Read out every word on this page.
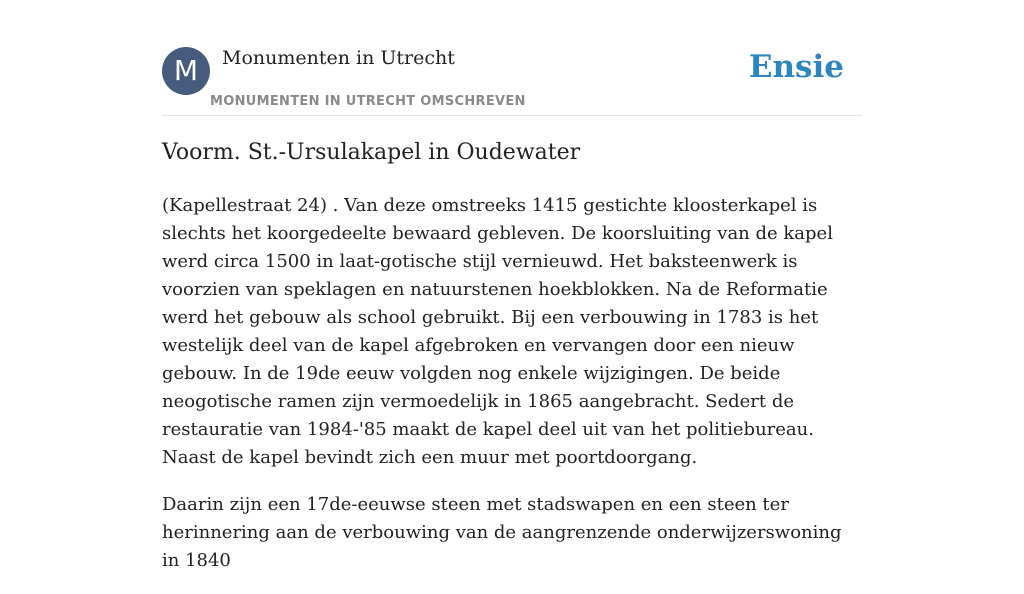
M	Monumenten in Utrecht
MONUMENTEN IN UTRECHT OMSCHREVEN
Ensie
Voorm. St.-Ursulakapel in Oudewater

(Kapellestraat 24) . Van deze omstreeks 1415 gestichte kloosterkapel is slechts het koorgedeelte bewaard gebleven. De koorsluiting van de kapel werd circa 1500 in laat-gotische stijl vernieuwd. Het baksteenwerk is voorzien van speklagen en natuurstenen hoekblokken. Na de Reformatie werd het gebouw als school gebruikt. Bij een verbouwing in 1783 is het westelijk deel van de kapel afgebroken en vervangen door een nieuw gebouw. In de 19de eeuw volgden nog enkele wijzigingen. De beide neogotische ramen zijn vermoedelijk in 1865 aangebracht. Sedert de restauratie van 1984-'85 maakt de kapel deel uit van het politiebureau. Naast de kapel bevindt zich een muur met poortdoorgang.

Daarin zijn een 17de-eeuwse steen met stadswapen en een steen ter herinnering aan de verbouwing van de aangrenzende onderwijzerswoning in 1840
